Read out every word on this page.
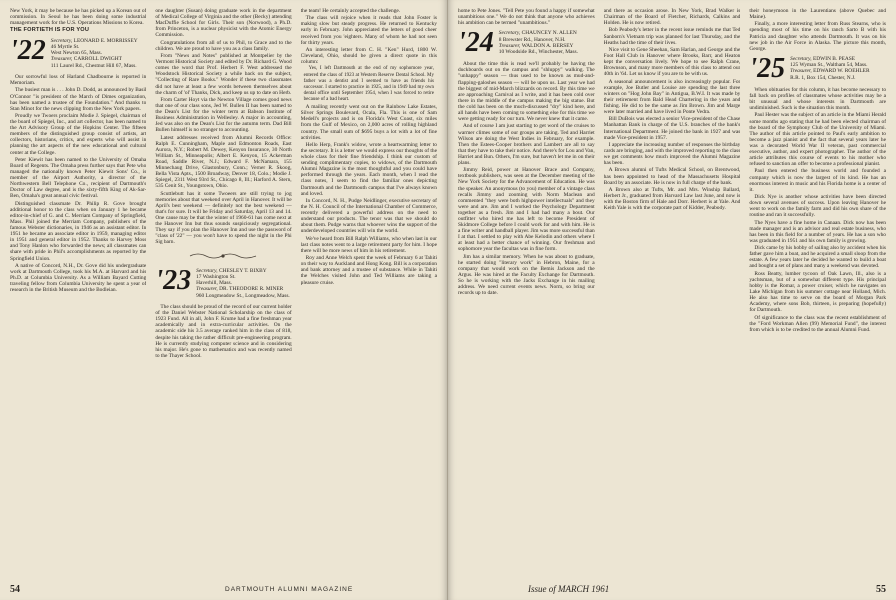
New York, it may be because he has picked up a Korean out of commission. In Seoul he has been doing some industrial management work for the U.S. Operations Missions to Korea.

THE FORTIETH IS FOR YOU
'22 Secretary, LEONARD E. MORRISSEY
46 Myrtle St.
West Newton 65, Mass.
Treasurer, CARROLL DWIGHT
111 Laurel Rd., Chestnut Hill 67, Mass.

Our sorrowful loss of Harland Chadbourne is reported in Memoriam.

The busiest man is . . . John D. Dodd, as announced by Basil O'Connor "is president of the March of Dimes organization, has been named a trustee of the Foundation." And thanks to Stan Minot for the news clipping from the New York papers.

Proudly we Twoers proclaim Modie J. Spiegel, chairman of the board of Spiegel, Inc., and art collector, has been named to the Art Advisory Group of the Hopkins Center. The fifteen members of the distinguished group consist of artists, art collectors, historians, critics, and experts who will assist in planning the art aspects of the new educational and cultural center at the College.

Peter Kiewit has been named to the University of Omaha Board of Regents. The Omaha press further says that Pete who managed the nationally known Peter Kiewit Sons' Co., is member of the Airport Authority, a director of the Northwestern Bell Telephone Co., recipient of Dartmouth's Doctor of Law degree, and is the sixty-fifth King of Ak-Sar-Ben, Omaha's great annual civic festival.

Distinguished classmate Dr. Philip R. Gove brought additional honor to the class when on January 1 he became editor-in-chief of G. and C. Merriam Company of Springfield, Mass. Phil joined the Merriam Company, publishers of the famous Webster dictionaries, in 1946 as an assistant editor. In 1951 he became an associate editor in 1959, managing editor in 1951 and general editor in 1952. Thanks to Harvey Moss and Tony Hanlon who forwarded the news; all classmates can share with pride in Phil's accomplishments as reported by the Springfield Union.

A native of Concord, N.H., Dr. Gove did his undergraduate work at Dartmouth College, took his M.A. at Harvard and his Ph.D. at Columbia University. As a William Bayard Cutting traveling fellow from Columbia University he spent a year of research in the British Museum and the Bodleian.

one daughter (Susan) doing graduate work in the department of Medical College of Virginia and the other (Becky) attending MacDuffie School for Girls. Their son (Norwood), a Ph.D. from Princeton, is a nuclear physicist with the Atomic Energy Commission.

Congratulations from all of us to Phil, to Grace and to the children. We are proud to have you as a class family.

From "News and Notes" published at Montpelier by the Vermont Historical Society and edited by Dr. Richard G. Wood comes the word that Prof. Herbert F. West addressed the Woodstock Historical Society a while back on the subject, "Collecting of Rare Books." Wonder if these two classmates did not have at least a few words between themselves about the charm of 'ol' Thanks, Dick, and keep us up to date on Herb.

From Carter Hoyt via the Newton Village comes good news that one of our class sons, Jed W. Bullen II has been named to the Dean's List for the winter term at Babson Institute of Business Administration in Wellesley. A major in accounting, Jed was also on the Dean's List for the autumn term. Dad Bill Bullen himself is no stranger to accounting.

Latest addresses received from Alumni Records Office: Ralph E. Cunningham, Maple and Edmonton Roads, East Aurora, N.Y.; Robert M. Dewey, Kenyon Insurance, 30 North William St., Minneapolis; Albert E. Kenyon, 15 Ackerman Road, Saddle River, N.J.; Edward F. McNamara, 155 Minnechaug Drive, Glastonbury, Conn.; Verner R. Skoog, Bella Vista Apts., 1500 Broadway, Denver 18, Colo.; Modie J. Spiegel, 2311 West 93rd St., Chicago 8, Ill.; Harford A. Stern, 535 Cenit St., Youngstown, Ohio.

Scuttlebutt has it some Twoeers are still trying to jog memories about that weekend over April in Hanover. It will be April's best weekend — definitely not the best weekend — that's for sure. It will be Friday and Saturday, April 13 and 14. One cause may be that the winter of 1960-61 has come next at the Hanover Inn but thus sounds suspiciously segregational. They say if you plan the Hanover Inn and use the password of "class of '22" — you won't have to spend the night in the Phi Sig barn.

'23 Secretary, CHESLEY T. BIXBY
17 Washington St.
Haverhill, Mass.
Treasurer, DR. THEODORE R. MINER
960 Longmeadow St., Longmeadow, Mass.

The class should be proud of the record of our current holder of the Daniel Webster National Scholarship on the class of 1923 Fund. All in all, John F. Krume had a fine freshman year academically and in extra-curricular activities. On the academic side his 3.5 average ranked him in the class of 818, despite his taking the rather difficult pre-engineering program. He is currently studying computer science and in considering his major. He's gone to mathematics and was recently named to the Thayer School.

the team! He certainly accepted the challenge.

The class will rejoice when it reads that John Foster is making slow but steady progress. He returned to Kentucky early in February. John appreciated the letters of good cheer received from you 'eighters. Many of whom he had not seen for thirty years.

An interesting letter from C. H. "Ken" Hurd, 1800 W. Cleveland, Ohio, should be given a direct quote in this column:

Yes, I left Dartmouth at the end of my sophomore year, entered the class of 1923 at Western Reserve Dental School. My father was a dentist and I seemed to have as friends his successor. I started to practice in 1925, and in 1949 had my own dental office until September 1954, when I was forced to retire because of a bad heart.

A mailing recently went out on the Rainbow Lake Estates, Silver Springs Boulevard, Ocala, Fla. This is one of Sam Medell's projects and is on Florida's West Coast, six miles from the Gulf of Mexico, on 2,000 acres of rolling highland country. The small sum of $695 buys a lot with a lot of fine activities.

Hello Herp, Frank's widow, wrote a heartwarming letter to the secretary. It is a letter we would express our thoughts of the whole class for their fine friendship. I think our custom of sending complimentary copies, to widows, of the Dartmouth Alumni Magazine is the most thoughtful and you could have performed through the years. Each month, when I read the class notes, I seem to find the familiar ones depicting Dartmouth and the Dartmouth campus that I've always known and loved.

In Concord, N. H., Pudge Neidlinger, executive secretary of the N. H. Council of the International Chamber of Commerce, recently delivered a powerful address on the need to understand our products. The tenor was that we should do about them. Pudge warns that whoever wins the support of the underdeveloped countries will win the world.

We've heard from Bill Ralph Williams, who when last in our last class notes went to a large retirement party for him. I hope there will be more news of him in his retirement.

Roy and Anne Welch spent the week of February 6 at Tahiti on their way to Auckland and Hong Kong. Bill is a corporation and bank attorney and a trustee of substance. While in Tahiti the Welches visited John and Ted Williams are taking a pleasure cruise.

54	DARTMOUTH ALUMNI MAGAZINE

home to Pete Jones. "Tell Pete you found a happy if somewhat unambitious one." We do not think that anyone who achieves his ambition can be termed "unambitious."

'24 Secretary, CHAUNCEY N. ALLEN
8 Brewster Rd., Hanover, N.H.
Treasurer, WALDON A. BERSEY
10 Woodside Rd., Winchester, Mass.

About the time this is read we'll probably be having the duckboards out on the campus and "shluppy" walking. The "unhappy" season — thus used to be known as mud-and-flapping-galoshes season — will be upon us. Last year we had the biggest of mid-March blizzards on record. By this time we are approaching Carnival as I write, and it has been cold over there in the middle of the campus making the big statue. But the cold has been on the much-discussed "dry" kind here, and all hands have been coming to something else for this time we were getting ready for our turn. We never knew that it came.

And of course I am just starting to get word of the cruises to warmer climes some of our groups are taking. Ted and Harriet Wilson are doing the West Indies in February, for example. Then the Estees-Cooper brothers and Lambert are all to say that they have to take their notice. And there's for Lou and Van, Harriet and Bun. Others, I'm sure, but haven't let me in on their plans.

Jimmy Reid, power at Hanover Brace and Company, textbook publishers, was seen at the December meeting of the New York Society for the Advancement of Education. He was the speaker. An anonymous (to you) member of a vintage class recalls Jimmy and zooming with Norm Maclean and commented "they were both highpower intellectuals" and they were and are. Jim and I worked the Psychology Department together as a fresh. Jim and I had had many a bout. Our outfitter who hired me has left to become President of Skidmore College before I could work for and with him. He is a fine writer and handball player. Jim was more successful than I at that. I settled to play with Abe Kelodin and others where I at least had a better chance of winning. Our freshman and sophomore year the facultas was in fine form.

Jim has a similar memory. When he was about to graduate, he started doing "literary work" in Hebron, Maine, for a company that would work on the Bemis Jackson and the Argus. He was hired at the Faculty Exchange for Dartmouth. So he is working with the Jacks Exchange in his mailing address. We need current events news. Norm, so bring our records up to date.

and there as occasion arose. In New York, Brad Walker is Chairman of the Board of Fletcher, Richards, Calkins and Holden. He is now retired.

Bob Peabody's letter in the recent issue reminds me that Ted Sanborn's Vietnam trip was planned for last Thursday, and the Heaths had the time of their lives.

Nice visit to Gene Sheehan, Sam Harlan, and George and the Foot Hall Club in Hanover where Brooks, Barr, and Heaton kept the conversation lively. We hope to see Ralph Crane, Brownson, and many more members of this class to attend our 40th in '64. Let us know if you are to be with us.

A seasonal announcement is also increasingly popular. For example, Joe Butler and Louise are spending the last three winters on "Hog John Bay" in Antigua, B.W.I. It was made by their retirement from Bald Head Chartering in the years and fishing. He did to be the same as Jim Brown. Jim and Marge were later married and have lived in Ponte Vedra.

Bill DuBois was elected a senior Vice-president of the Chase Manhattan Bank in charge of the U.S. branches of the bank's International Department. He joined the bank in 1927 and was made Vice-president in 1957.

I appreciate the increasing number of responses the birthday cards are bringing, and with the improved reporting to the class we get comments how much improved the Alumni Magazine has been.

A Brown alumni of Tufts Medical School, on Brentwood, has been appointed to head of the Massachusetts Hospital Board by an associate. He is now in full charge of the bank.

A Brown also at Tufts, Mr. and Mrs. Winship Ballard, Herbert Jr., graduated from Harvard Law last June, and now is with the Boston firm of Hale and Dorr. Herbert is at Yale. And Keith Yale is with the corporate part of Kidder, Peabody.

their honeymoon in the Laurentians (above Quebec and Maine).

Finally, a more interesting letter from Russ Stearns, who is spending most of his time on his ranch Sarto B with his Patricia and daughter who attends Dartmouth. It was on his new job in the Air Force in Alaska. The picture this month, George.

'25 Secretary, EDWIN B. PEASE
125 Wyman St., Waltham 54, Mass.
Treasurer, EDWARD W. ROEHLER
R.R. 1, Box 154, Chester, N.J.

When obituaries for this column, it has become necessary to fall back on profiles of classmates whose activities may be a bit unusual and whose interests in Dartmouth are undiminished. Such is the situation this month.

Paul Hester was the subject of an article in the Miami Herald some months ago stating that he had been elected chairman of the board of the Symphony Club of the University of Miami. The author of this article pointed to Paul's early ambition to become a jazz pianist and the fact that several years later he was a decorated World War II veteran, past commercial executive, author, and expert photographer. The author of the article attributes this course of events to his mother who refused to sanction an offer to become a professional pianist.

Paul then entered the business world and founded a company which is now the largest of its kind. He has an enormous interest in music and his Florida home is a center of it.

Dick Nye is another whose activities have been directed down several avenues of success. Upon leaving Hanover he went to work on the family farm and did his own share of the routine and ran it successfully.

The Nyes have a fine home in Canaan. Dick now has been made manager and is an advisor and real estate business, who has been in this field for a number of years. He has a son who was graduated in 1951 and his own family is growing.

Dick came by his hobby of sailing also by accident when his father gave him a boat, and he acquired a small sloop from the estate. A few years later he decided he wanted to build a boat and bought a set of plans and many a weekend was devoted.

Ross Beatty, lumber tycoon of Oak Lawn, Ill., also is a yachtsman, but of a somewhat different type. His principal hobby is the Romar, a power cruiser, which he navigates on Lake Michigan from his summer cottage near Holland, Mich. He also has time to serve on the board of Morgan Park Academy, where sons Bob, thirteen, is preparing (hopefully) for Dartmouth.

Of significance to the class was the recent establishment of the "Ford Workman Allen (99) Memorial Fund", the interest from which is to be credited to the annual Alumni Fund.

Issue of MARCH 1961	55
